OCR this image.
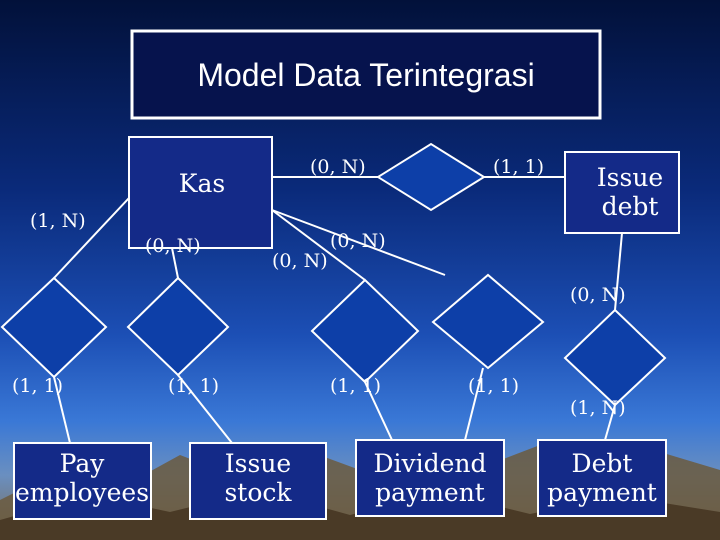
Model Data Terintegrasi
Kas	Issue
debt
Pay
employees
Issue
stock
Dividend
payment
Debt
payment
(1, N)
(0, N)
(0, N)	(1, 1)
(0, N)
(0, N)
(0, N)
(1, 1)	(1, 1)	(1, 1)	(1, 1)
(1, N)
